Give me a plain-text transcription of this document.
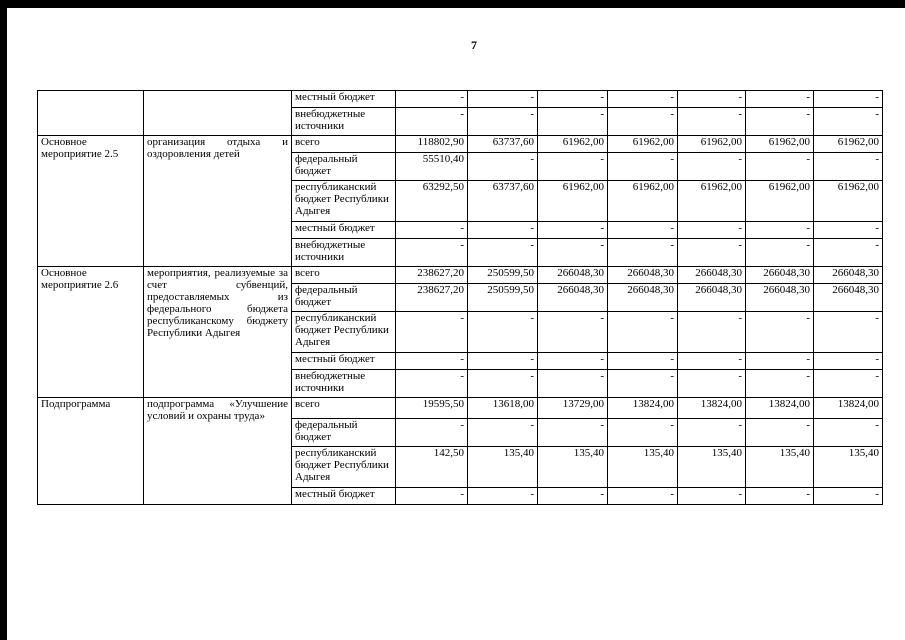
7
		местный бюджет	-	-	-	-	-	-	-
		внебюджетные источники	-	-	-	-	-	-	-
Основное мероприятие 2.5	организация отдыха и оздоровления детей	всего	118802,90	63737,60	61962,00	61962,00	61962,00	61962,00	61962,00
		федеральный бюджет	55510,40	-	-	-	-	-	-
		республиканский бюджет Республики Адыгея	63292,50	63737,60	61962,00	61962,00	61962,00	61962,00	61962,00
		местный бюджет	-	-	-	-	-	-	-
		внебюджетные источники	-	-	-	-	-	-	-
Основное мероприятие 2.6	мероприятия, реализуемые за счет субвенций, предоставляемых из федерального бюджета республиканскому бюджету Республики Адыгея	всего	238627,20	250599,50	266048,30	266048,30	266048,30	266048,30	266048,30
		федеральный бюджет	238627,20	250599,50	266048,30	266048,30	266048,30	266048,30	266048,30
		республиканский бюджет Республики Адыгея	-	-	-	-	-	-	-
		местный бюджет	-	-	-	-	-	-	-
		внебюджетные источники	-	-	-	-	-	-	-
Подпрограмма	подпрограмма «Улучшение условий и охраны труда»	всего	19595,50	13618,00	13729,00	13824,00	13824,00	13824,00	13824,00
		федеральный бюджет	-	-	-	-	-	-	-
		республиканский бюджет Республики Адыгея	142,50	135,40	135,40	135,40	135,40	135,40	135,40
		местный бюджет	-	-	-	-	-	-	-
